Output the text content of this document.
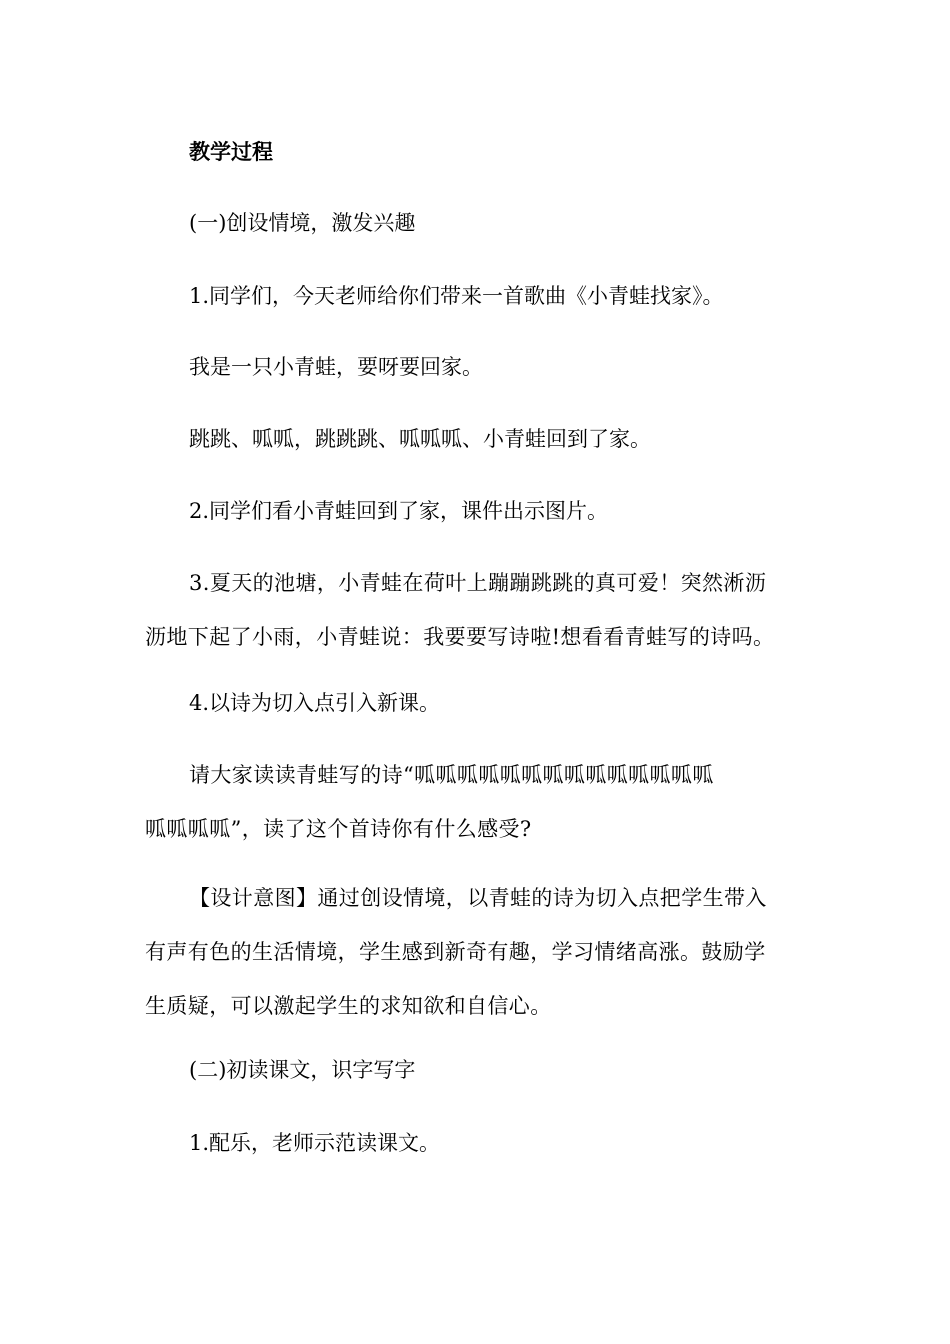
教学过程
(一)创设情境，激发兴趣
1.同学们，今天老师给你们带来一首歌曲《小青蛙找家》。
我是一只小青蛙，要呀要回家。
跳跳、呱呱，跳跳跳、呱呱呱、小青蛙回到了家。
2.同学们看小青蛙回到了家，课件出示图片。
3.夏天的池塘，小青蛙在荷叶上蹦蹦跳跳的真可爱！突然淅沥
沥地下起了小雨，小青蛙说：我要要写诗啦!想看看青蛙写的诗吗。
4.以诗为切入点引入新课。
请大家读读青蛙写的诗“呱呱呱呱呱呱呱呱呱呱呱呱呱呱
呱呱呱呱”，读了这个首诗你有什么感受?
【设计意图】通过创设情境，以青蛙的诗为切入点把学生带入
有声有色的生活情境，学生感到新奇有趣，学习情绪高涨。鼓励学
生质疑，可以激起学生的求知欲和自信心。
(二)初读课文，识字写字
1.配乐，老师示范读课文。
